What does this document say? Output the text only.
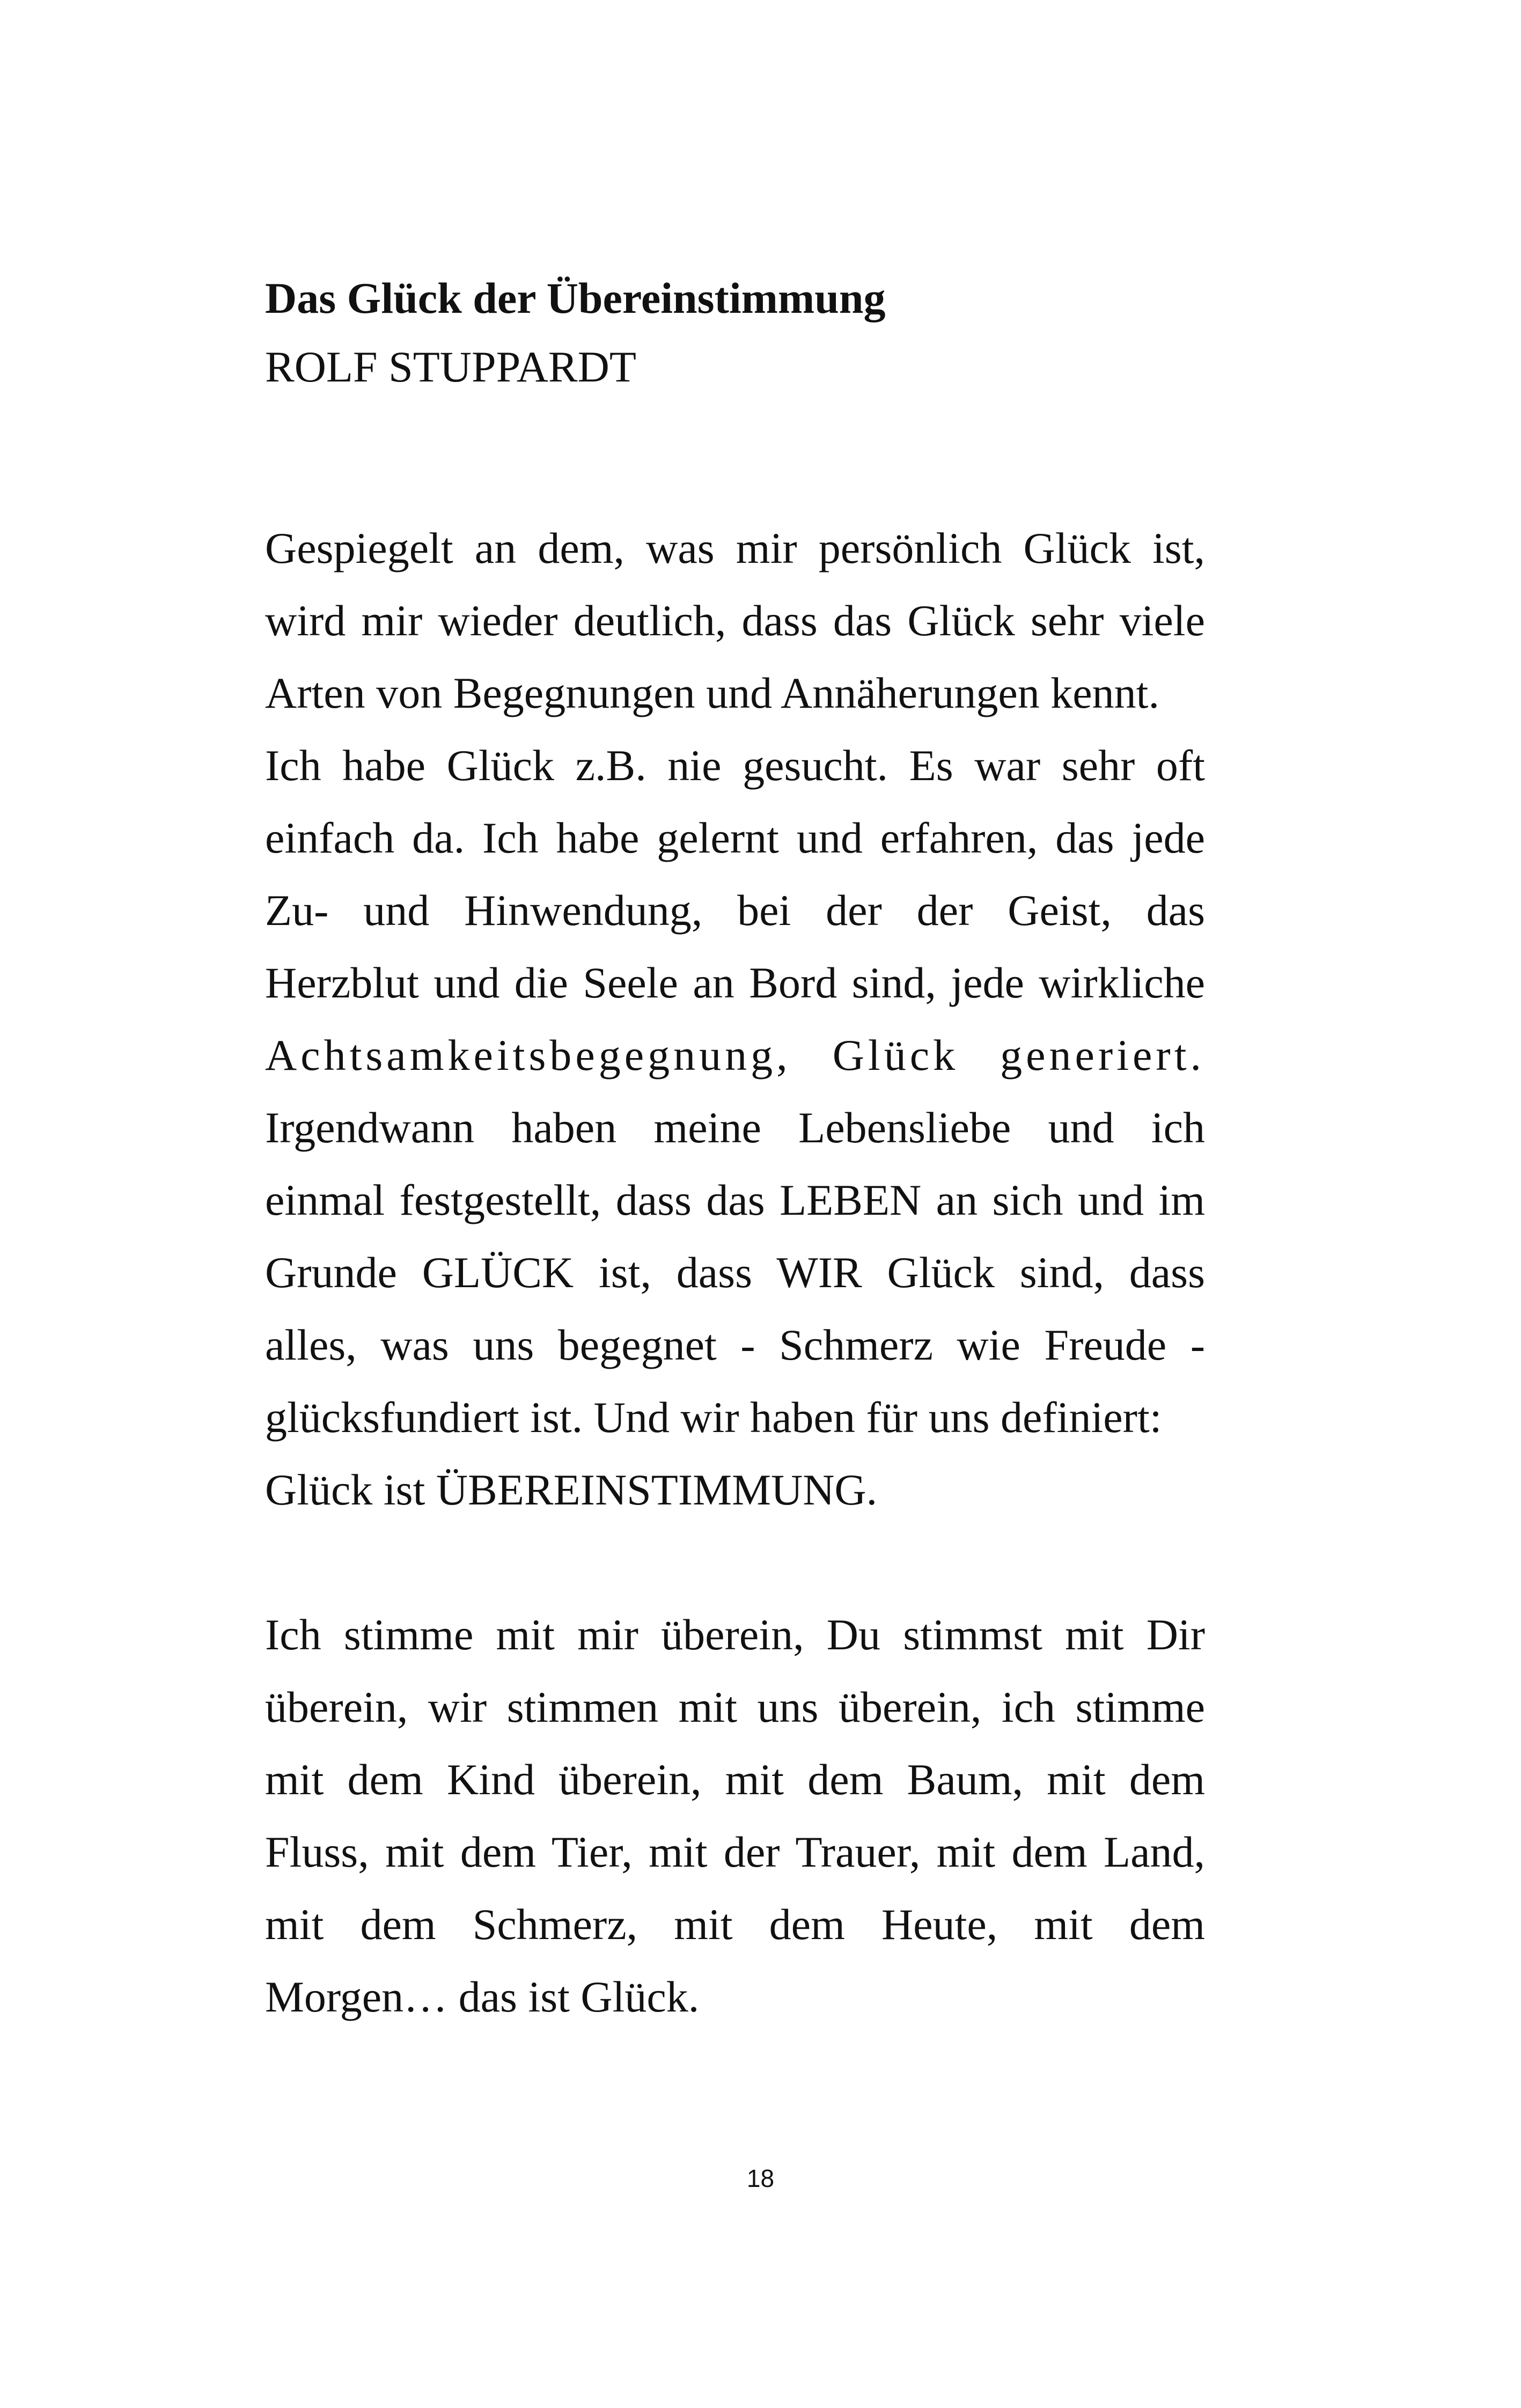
Das Glück der Übereinstimmung
ROLF STUPPARDT
Gespiegelt an dem, was mir persönlich Glück ist,
wird mir wieder deutlich, dass das Glück sehr viele
Arten von Begegnungen und Annäherungen kennt.
Ich habe Glück z.B. nie gesucht. Es war sehr oft
einfach da. Ich habe gelernt und erfahren, das jede
Zu- und Hinwendung, bei der der Geist, das
Herzblut und die Seele an Bord sind, jede wirkliche
Achtsamkeitsbegegnung, Glück generiert.
Irgendwann haben meine Lebensliebe und ich
einmal festgestellt, dass das LEBEN an sich und im
Grunde GLÜCK ist, dass WIR Glück sind, dass
alles, was uns begegnet - Schmerz wie Freude -
glücksfundiert ist. Und wir haben für uns definiert:
Glück ist ÜBEREINSTIMMUNG.
Ich stimme mit mir überein, Du stimmst mit Dir
überein, wir stimmen mit uns überein, ich stimme
mit dem Kind überein, mit dem Baum, mit dem
Fluss, mit dem Tier, mit der Trauer, mit dem Land,
mit dem Schmerz, mit dem Heute, mit dem
Morgen… das ist Glück.
18
